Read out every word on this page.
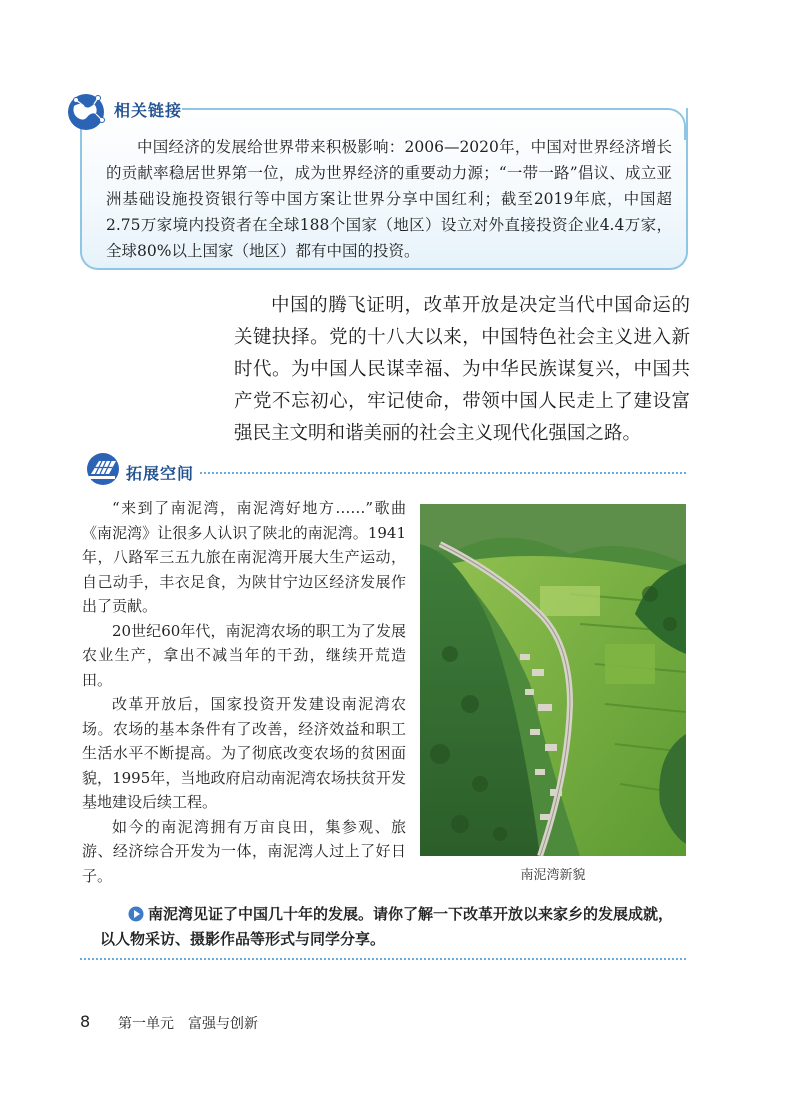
相关链接

中国经济的发展给世界带来积极影响：2006—2020年，中国对世界经济增长的贡献率稳居世界第一位，成为世界经济的重要动力源；“一带一路”倡议、成立亚洲基础设施投资银行等中国方案让世界分享中国红利；截至2019年底，中国超2.75万家境内投资者在全球188个国家（地区）设立对外直接投资企业4.4万家，全球80%以上国家（地区）都有中国的投资。

中国的腾飞证明，改革开放是决定当代中国命运的关键抉择。党的十八大以来，中国特色社会主义进入新时代。为中国人民谋幸福、为中华民族谋复兴，中国共产党不忘初心，牢记使命，带领中国人民走上了建设富强民主文明和谐美丽的社会主义现代化强国之路。

拓展空间

“来到了南泥湾，南泥湾好地方……”歌曲《南泥湾》让很多人认识了陕北的南泥湾。1941年，八路军三五九旅在南泥湾开展大生产运动，自己动手，丰衣足食，为陕甘宁边区经济发展作出了贡献。

20世纪60年代，南泥湾农场的职工为了发展农业生产，拿出不减当年的干劲，继续开荒造田。

改革开放后，国家投资开发建设南泥湾农场。农场的基本条件有了改善，经济效益和职工生活水平不断提高。为了彻底改变农场的贫困面貌，1995年，当地政府启动南泥湾农场扶贫开发基地建设后续工程。

如今的南泥湾拥有万亩良田，集参观、旅游、经济综合开发为一体，南泥湾人过上了好日子。	南泥湾新貌

南泥湾见证了中国几十年的发展。请你了解一下改革开放以来家乡的发展成就，以人物采访、摄影作品等形式与同学分享。

8 第一单元　富强与创新
